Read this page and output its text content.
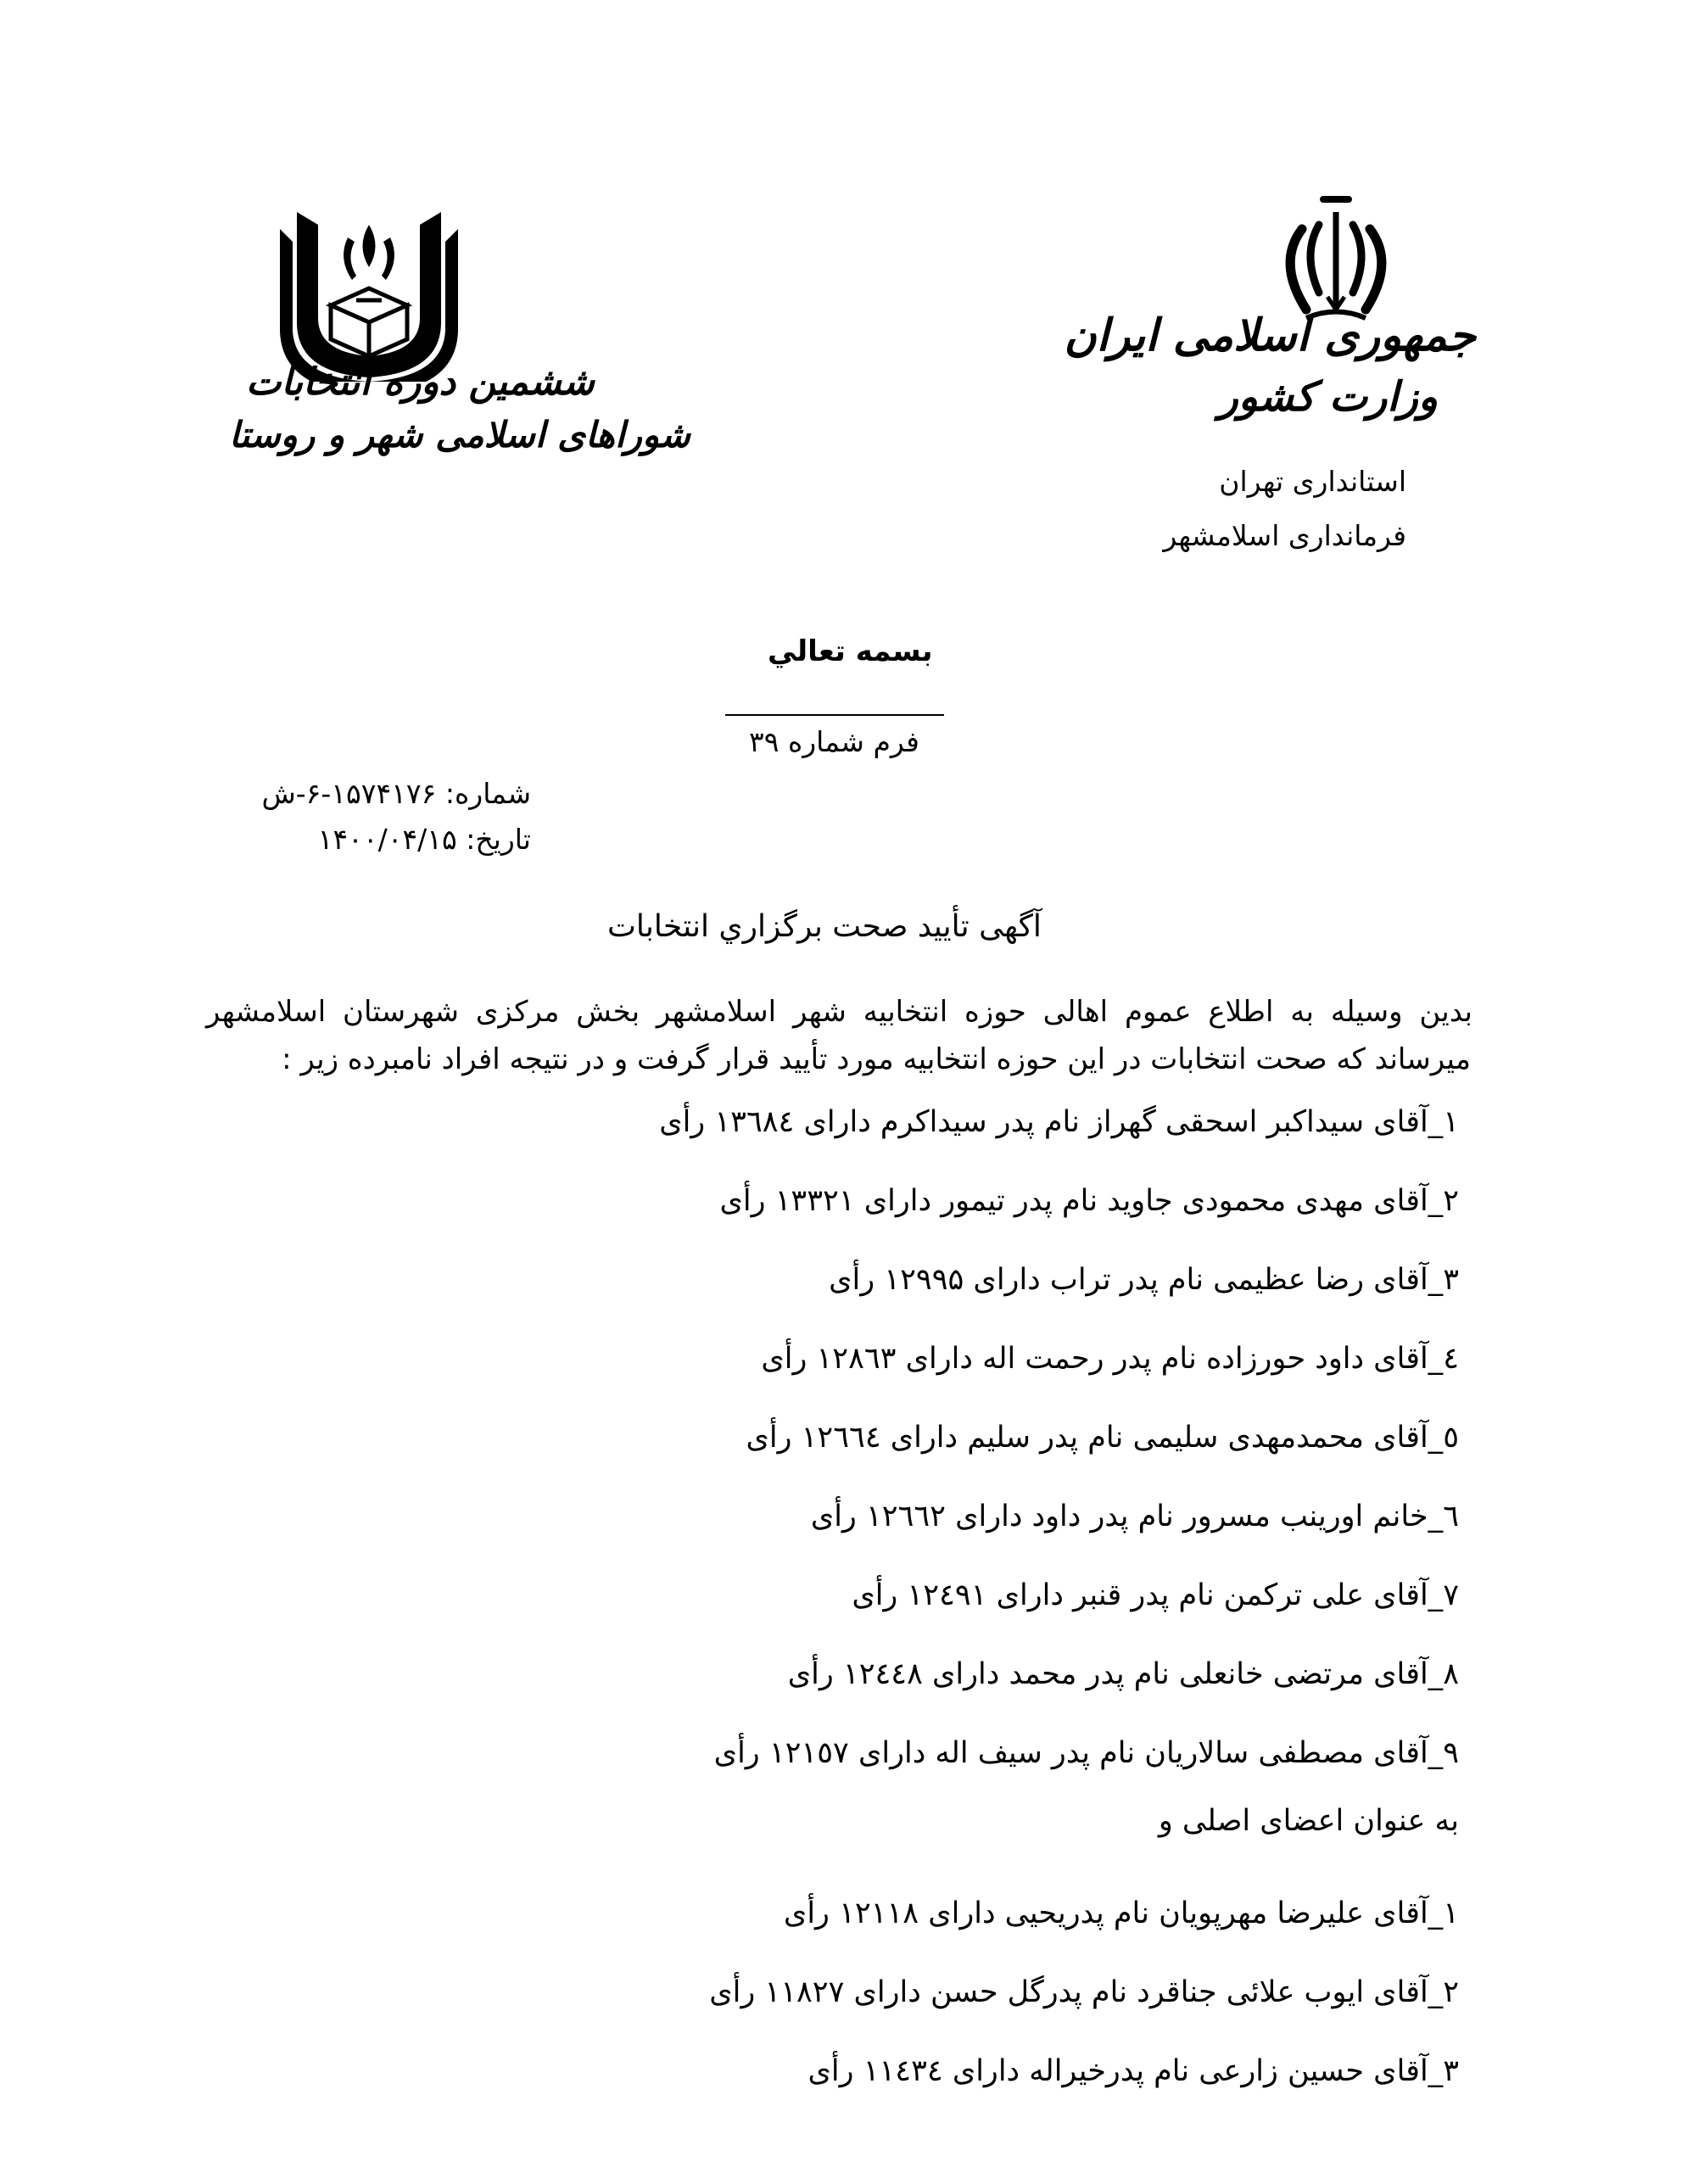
ششمین دوره انتخابات
شوراهای اسلامی شهر و روستا
جمهوری اسلامی ایران
وزارت کشور
استانداری تهران
فرمانداری اسلامشهر
بسمه تعالي
فرم شماره ۳۹
شماره: ۱۵۷۴۱۷۶-۶-ش
تاریخ: ۱۴۰۰/۰۴/۱۵
آگهی تأیید صحت برگزاري انتخابات
بدین وسیله به اطلاع عموم اهالی حوزه انتخابیه شهر اسلامشهر بخش مرکزی شهرستان اسلامشهر
میرساند که صحت انتخابات در این حوزه انتخابیه مورد تأیید قرار گرفت و در نتیجه افراد نامبرده زیر :
۱_آقای سیداکبر اسحقی گهراز نام پدر سیداکرم دارای ۱۳٦۸٤ رأی
۲_آقای مهدی محمودی جاوید نام پدر تیمور دارای ۱۳۳۲۱ رأی
۳_آقای رضا عظیمی نام پدر تراب دارای ۱۲۹۹۵ رأی
٤_آقای داود حورزاده نام پدر رحمت اله دارای ۱۲۸٦۳ رأی
٥_آقای محمدمهدی سلیمی نام پدر سلیم دارای ۱۲٦٦٤ رأی
٦_خانم اورینب مسرور نام پدر داود دارای ۱۲٦٦۲ رأی
۷_آقای علی ترکمن نام پدر قنبر دارای ۱۲٤۹۱ رأی
۸_آقای مرتضی خانعلی نام پدر محمد دارای ۱۲٤٤۸ رأی
۹_آقای مصطفی سالاریان نام پدر سیف اله دارای ۱۲۱٥۷ رأی
به عنوان اعضای اصلی و
۱_آقای علیرضا مهرپویان نام پدریحیی دارای ۱۲۱۱۸ رأی
۲_آقای ایوب علائی جناقرد نام پدرگل حسن دارای ۱۱۸۲۷ رأی
۳_آقای حسین زارعی نام پدرخیراله دارای ۱۱٤۳٤ رأی
